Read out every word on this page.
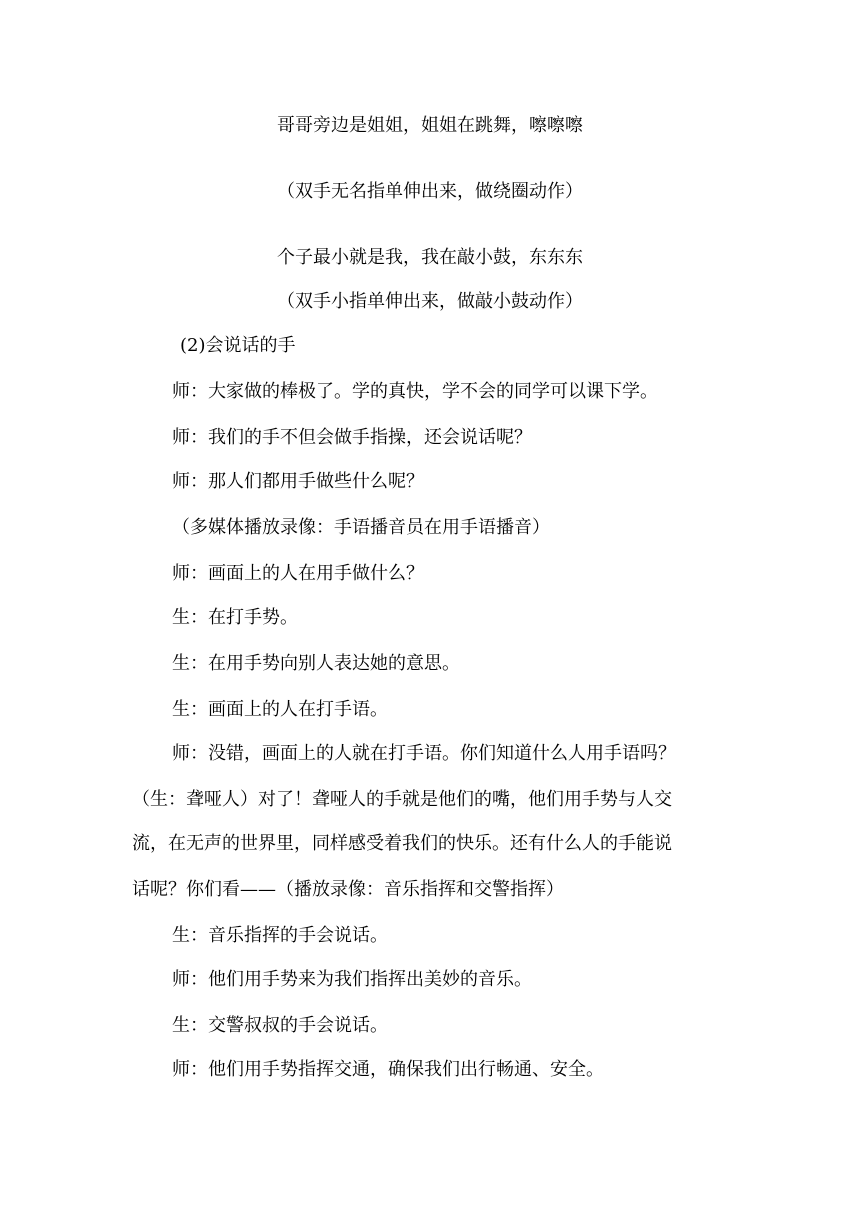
哥哥旁边是姐姐，姐姐在跳舞，嚓嚓嚓
（双手无名指单伸出来，做绕圈动作）
个子最小就是我，我在敲小鼓，东东东
（双手小指单伸出来，做敲小鼓动作）
(2)会说话的手
师：大家做的棒极了。学的真快，学不会的同学可以课下学。
师：我们的手不但会做手指操，还会说话呢？
师：那人们都用手做些什么呢？
（多媒体播放录像：手语播音员在用手语播音）
师：画面上的人在用手做什么？
生：在打手势。
生：在用手势向别人表达她的意思。
生：画面上的人在打手语。
师：没错，画面上的人就在打手语。你们知道什么人用手语吗？
（生：聋哑人）对了！聋哑人的手就是他们的嘴，他们用手势与人交
流，在无声的世界里，同样感受着我们的快乐。还有什么人的手能说
话呢？你们看——（播放录像：音乐指挥和交警指挥）
生：音乐指挥的手会说话。
师：他们用手势来为我们指挥出美妙的音乐。
生：交警叔叔的手会说话。
师：他们用手势指挥交通，确保我们出行畅通、安全。
